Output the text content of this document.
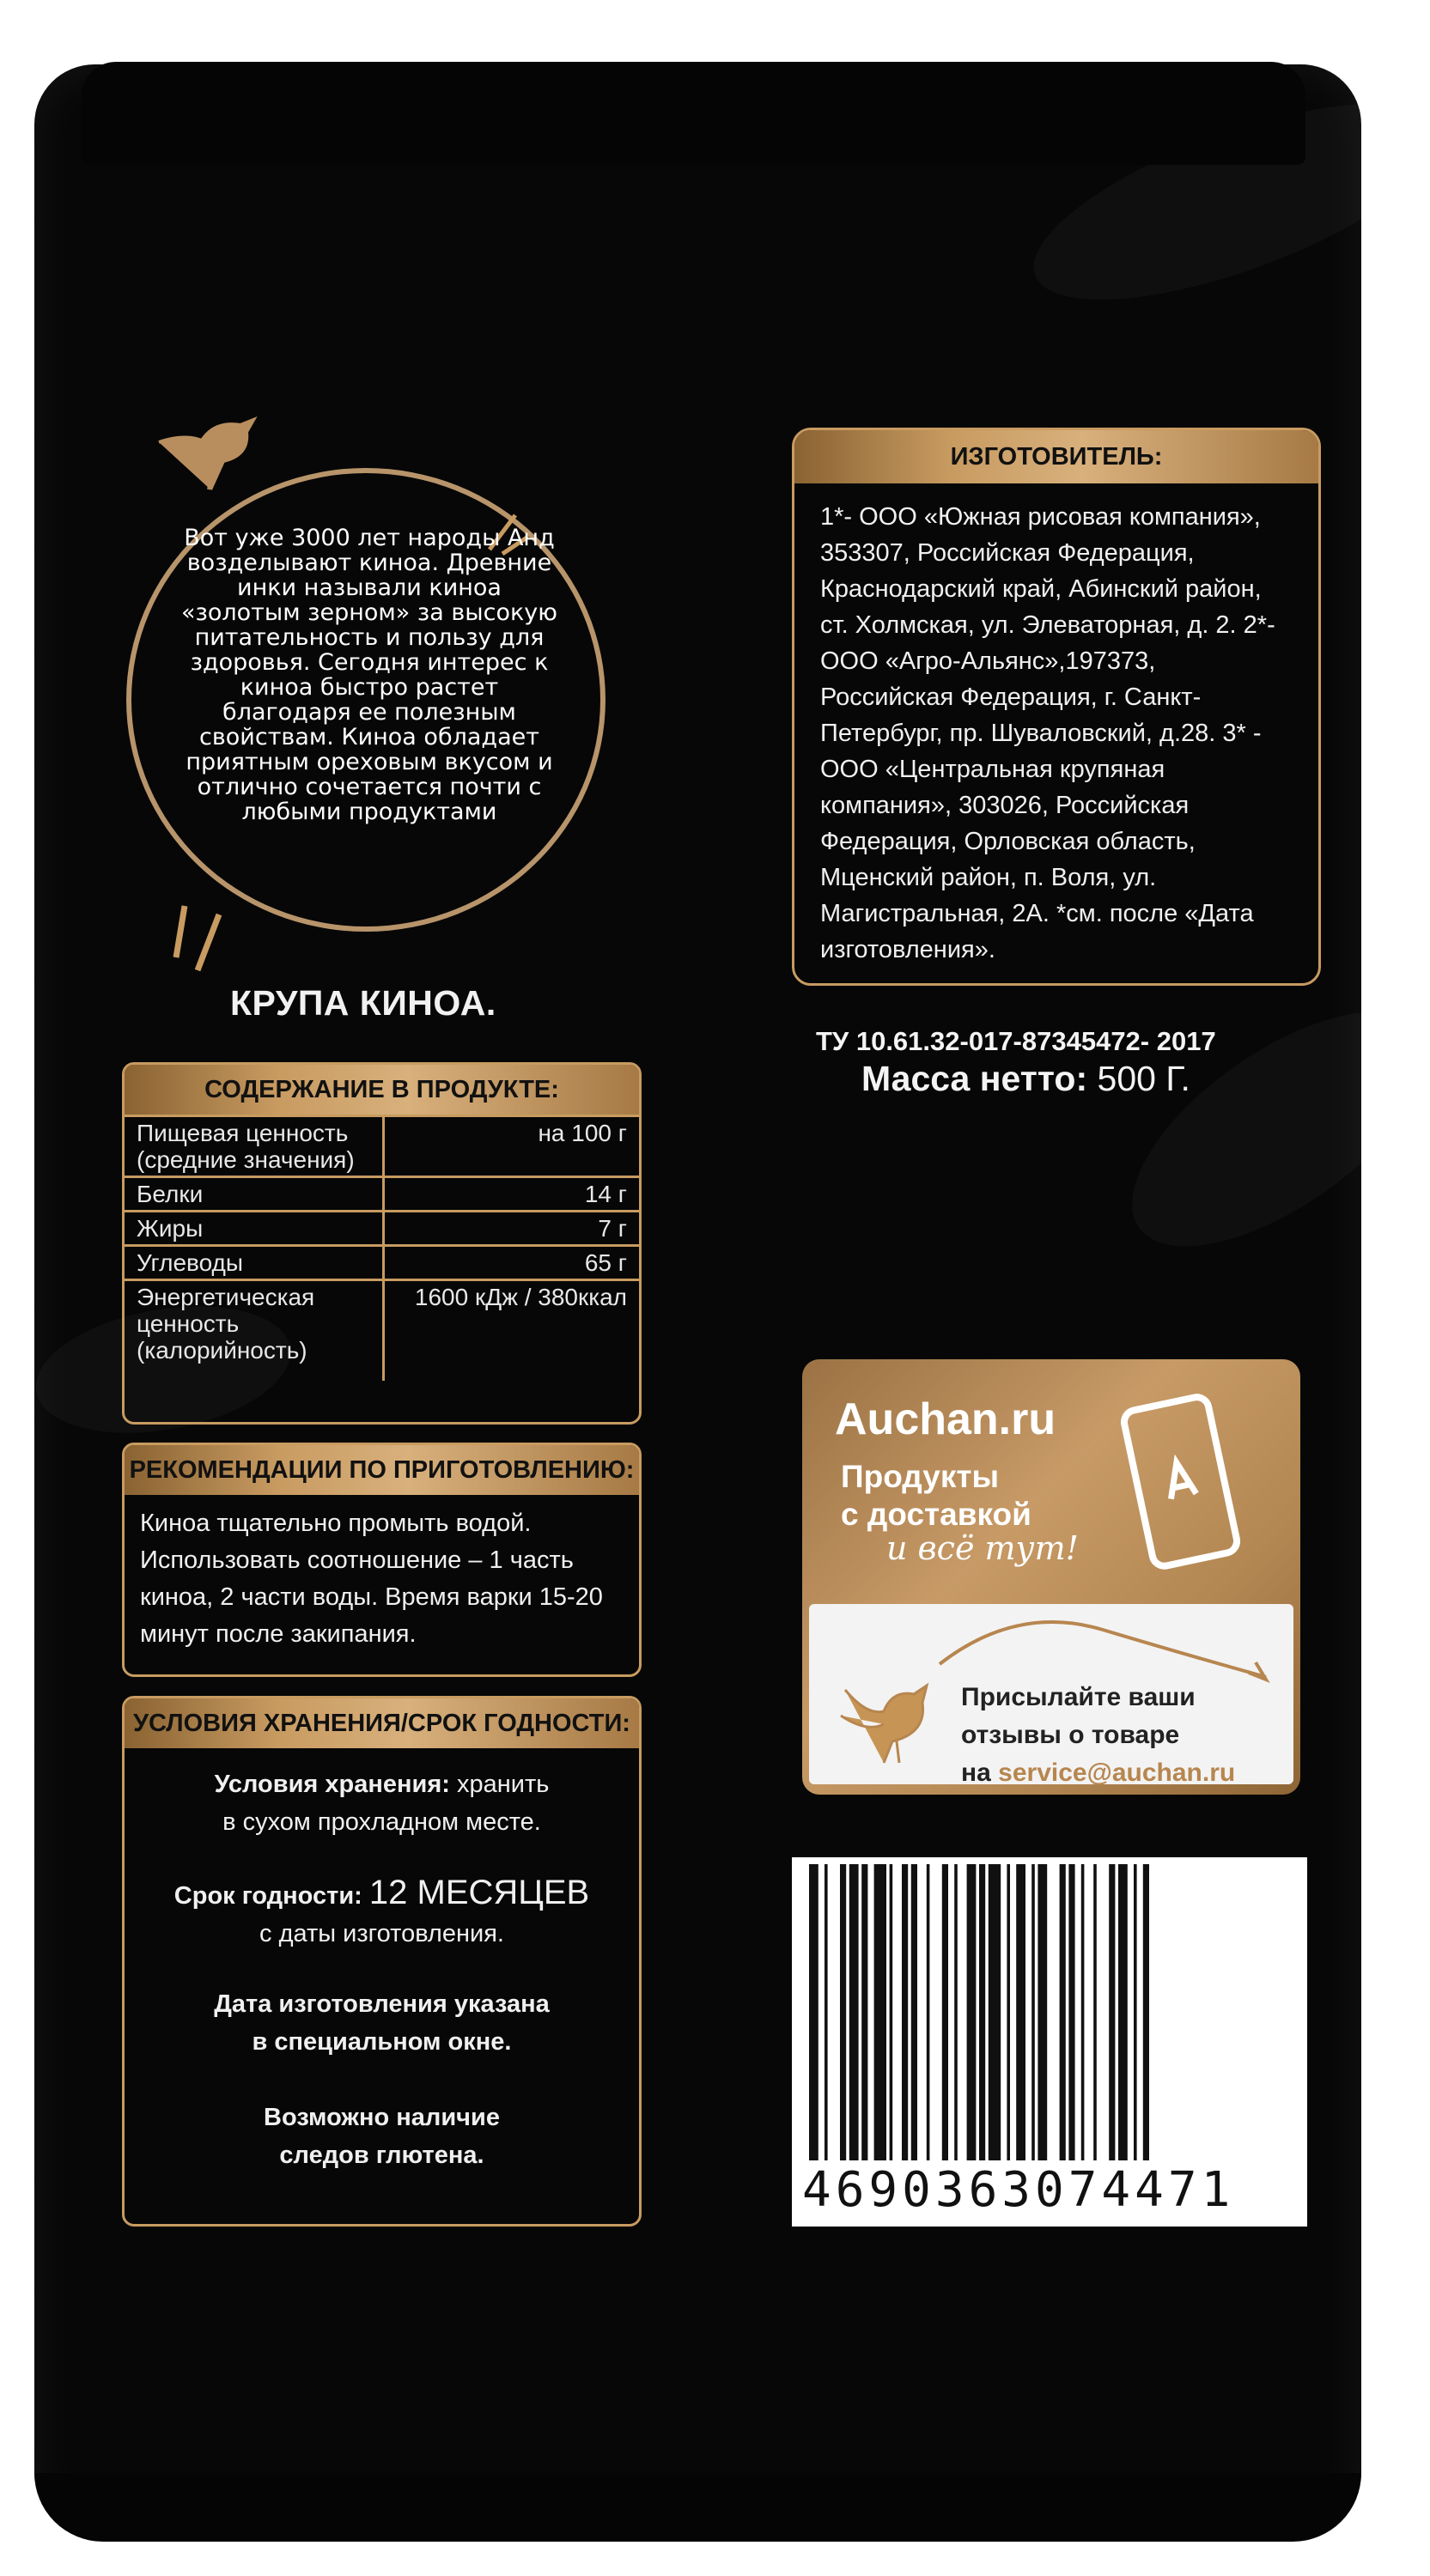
Вот уже 3000 лет народы Анд возделывают киноа. Древние инки называли киноа «золотым зерном» за высокую питательность и пользу для здоровья. Сегодня интерес к киноа быстро растет благодаря ее полезным свойствам. Киноа обладает приятным ореховым вкусом и отлично сочетается почти с любыми продуктами
КРУПА КИНОА.
СОДЕРЖАНИЕ В ПРОДУКТЕ:
Пищевая ценность (средние значения)	на 100 г
Белки	14 г
Жиры	7 г
Углеводы	65 г
Энергетическая ценность (калорийность)	1600 кДж / 380ккал
РЕКОМЕНДАЦИИ ПО ПРИГОТОВЛЕНИЮ:
Киноа тщательно промыть водой. Использовать соотношение – 1 часть киноа, 2 части воды. Время варки 15-20 минут после закипания.
УСЛОВИЯ ХРАНЕНИЯ/СРОК ГОДНОСТИ:

Условия хранения: хранить

в сухом прохладном месте.

Срок годности: 12 МЕСЯЦЕВ

с даты изготовления.

Дата изготовления указана

в специальном окне.

Возможно наличие

следов глютена.

ИЗГОТОВИТЕЛЬ:
1*- ООО «Южная рисовая компания», 353307, Российская Федерация, Краснодарский край, Абинский район, ст. Холмская, ул. Элеваторная, д. 2. 2*- ООО «Агро-Альянс»,197373, Российская Федерация, г. Санкт-Петербург, пр. Шуваловский, д.28. 3* - ООО «Центральная крупяная компания», 303026, Российская Федерация, Орловская область, Мценский район, п. Воля, ул. Магистральная, 2А. *см. после «Дата изготовления».
ТУ 10.61.32-017-87345472- 2017
Масса нетто: 500 Г.
Auchan.ru
Продукты
с доставкой
и всё тут!
Присылайте ваши
отзывы о товаре
на service@auchan.ru
4690363074471
